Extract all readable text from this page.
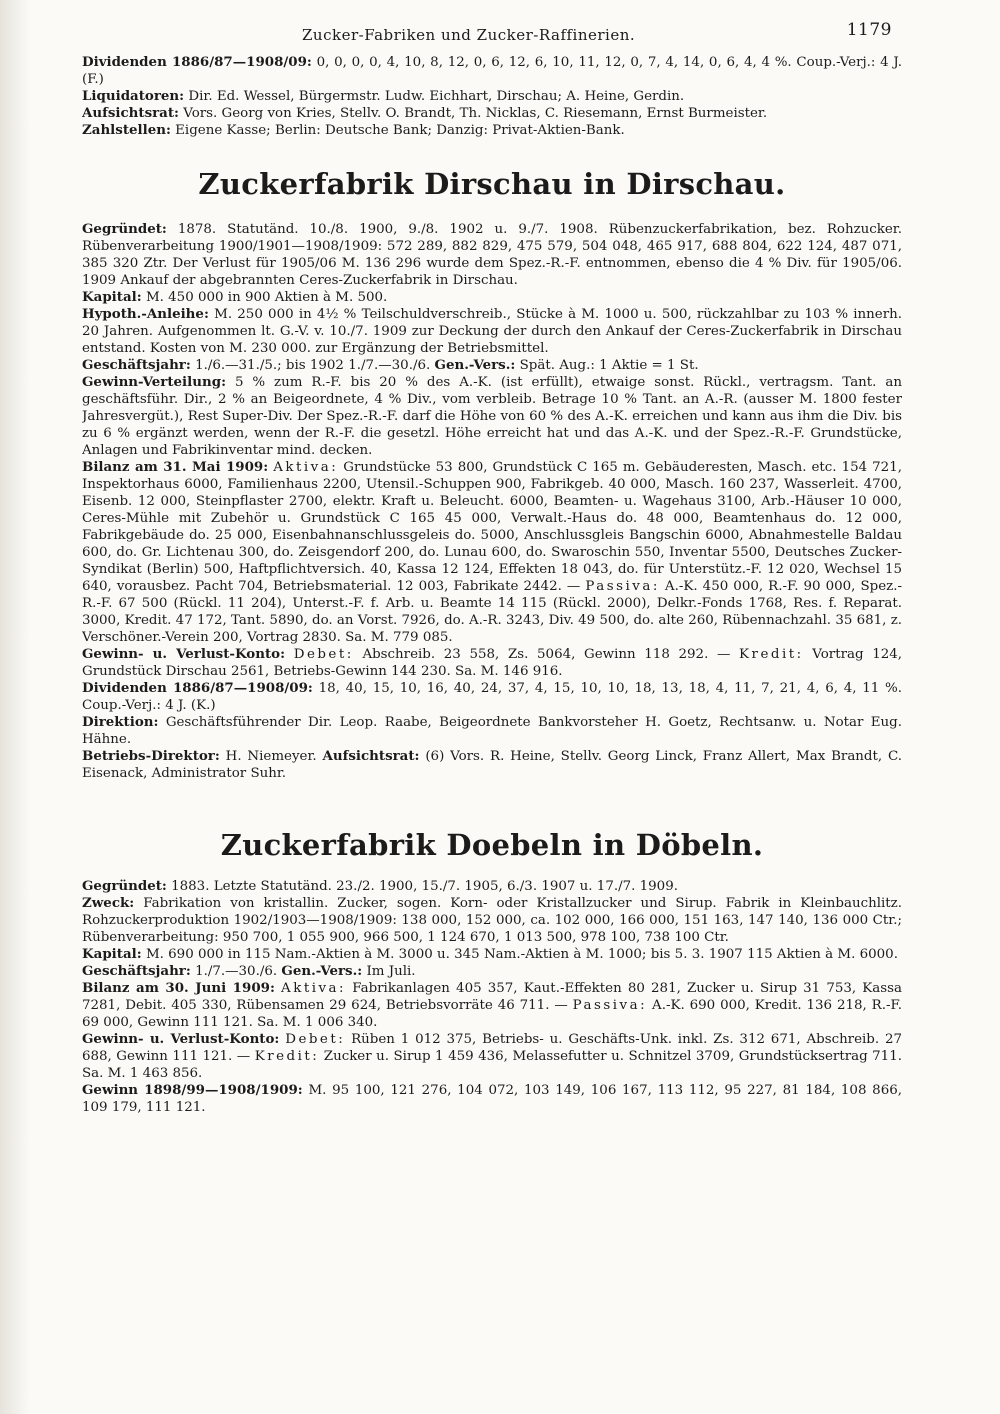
Zucker-Fabriken und Zucker-Raffinerien.	1179

Dividenden 1886/87—1908/09: 0, 0, 0, 0, 4, 10, 8, 12, 0, 6, 12, 6, 10, 11, 12, 0, 7, 4, 14, 0, 6, 4, 4 %. Coup.-Verj.: 4 J. (F.)

Liquidatoren: Dir. Ed. Wessel, Bürgermstr. Ludw. Eichhart, Dirschau; A. Heine, Gerdin.

Aufsichtsrat: Vors. Georg von Kries, Stellv. O. Brandt, Th. Nicklas, C. Riesemann, Ernst Burmeister.

Zahlstellen: Eigene Kasse; Berlin: Deutsche Bank; Danzig: Privat-Aktien-Bank.

Zuckerfabrik Dirschau in Dirschau.

Gegründet: 1878. Statutänd. 10./8. 1900, 9./8. 1902 u. 9./7. 1908. Rübenzuckerfabrikation, bez. Rohzucker. Rübenverarbeitung 1900/1901—1908/1909: 572 289, 882 829, 475 579, 504 048, 465 917, 688 804, 622 124, 487 071, 385 320 Ztr. Der Verlust für 1905/06 M. 136 296 wurde dem Spez.-R.-F. entnommen, ebenso die 4 % Div. für 1905/06. 1909 Ankauf der abgebrannten Ceres-Zuckerfabrik in Dirschau.

Kapital: M. 450 000 in 900 Aktien à M. 500.

Hypoth.-Anleihe: M. 250 000 in 4½ % Teilschuldverschreib., Stücke à M. 1000 u. 500, rückzahlbar zu 103 % innerh. 20 Jahren. Aufgenommen lt. G.-V. v. 10./7. 1909 zur Deckung der durch den Ankauf der Ceres-Zuckerfabrik in Dirschau entstand. Kosten von M. 230 000. zur Ergänzung der Betriebsmittel.

Geschäftsjahr: 1./6.—31./5.; bis 1902 1./7.—30./6. Gen.-Vers.: Spät. Aug.: 1 Aktie = 1 St.

Gewinn-Verteilung: 5 % zum R.-F. bis 20 % des A.-K. (ist erfüllt), etwaige sonst. Rückl., vertragsm. Tant. an geschäftsführ. Dir., 2 % an Beigeordnete, 4 % Div., vom verbleib. Betrage 10 % Tant. an A.-R. (ausser M. 1800 fester Jahresvergüt.), Rest Super-Div. Der Spez.-R.-F. darf die Höhe von 60 % des A.-K. erreichen und kann aus ihm die Div. bis zu 6 % ergänzt werden, wenn der R.-F. die gesetzl. Höhe erreicht hat und das A.-K. und der Spez.-R.-F. Grundstücke, Anlagen und Fabrikinventar mind. decken.

Bilanz am 31. Mai 1909: Aktiva: Grundstücke 53 800, Grundstück C 165 m. Gebäuderesten, Masch. etc. 154 721, Inspektorhaus 6000, Familienhaus 2200, Utensil.-Schuppen 900, Fabrikgeb. 40 000, Masch. 160 237, Wasserleit. 4700, Eisenb. 12 000, Steinpflaster 2700, elektr. Kraft u. Beleucht. 6000, Beamten- u. Wagehaus 3100, Arb.-Häuser 10 000, Ceres-Mühle mit Zubehör u. Grundstück C 165 45 000, Verwalt.-Haus do. 48 000, Beamtenhaus do. 12 000, Fabrikgebäude do. 25 000, Eisenbahnanschlussgeleis do. 5000, Anschlussgleis Bangschin 6000, Abnahmestelle Baldau 600, do. Gr. Lichtenau 300, do. Zeisgendorf 200, do. Lunau 600, do. Swaroschin 550, Inventar 5500, Deutsches Zucker-Syndikat (Berlin) 500, Haftpflichtversich. 40, Kassa 12 124, Effekten 18 043, do. für Unterstütz.-F. 12 020, Wechsel 15 640, vorausbez. Pacht 704, Betriebsmaterial. 12 003, Fabrikate 2442. — Passiva: A.-K. 450 000, R.-F. 90 000, Spez.-R.-F. 67 500 (Rückl. 11 204), Unterst.-F. f. Arb. u. Beamte 14 115 (Rückl. 2000), Delkr.-Fonds 1768, Res. f. Reparat. 3000, Kredit. 47 172, Tant. 5890, do. an Vorst. 7926, do. A.-R. 3243, Div. 49 500, do. alte 260, Rübennachzahl. 35 681, z. Verschöner.-Verein 200, Vortrag 2830. Sa. M. 779 085.

Gewinn- u. Verlust-Konto: Debet: Abschreib. 23 558, Zs. 5064, Gewinn 118 292. — Kredit: Vortrag 124, Grundstück Dirschau 2561, Betriebs-Gewinn 144 230. Sa. M. 146 916.

Dividenden 1886/87—1908/09: 18, 40, 15, 10, 16, 40, 24, 37, 4, 15, 10, 10, 18, 13, 18, 4, 11, 7, 21, 4, 6, 4, 11 %. Coup.-Verj.: 4 J. (K.)

Direktion: Geschäftsführender Dir. Leop. Raabe, Beigeordnete Bankvorsteher H. Goetz, Rechtsanw. u. Notar Eug. Hähne.

Betriebs-Direktor: H. Niemeyer. Aufsichtsrat: (6) Vors. R. Heine, Stellv. Georg Linck, Franz Allert, Max Brandt, C. Eisenack, Administrator Suhr.

Zuckerfabrik Doebeln in Döbeln.

Gegründet: 1883. Letzte Statutänd. 23./2. 1900, 15./7. 1905, 6./3. 1907 u. 17./7. 1909.

Zweck: Fabrikation von kristallin. Zucker, sogen. Korn- oder Kristallzucker und Sirup. Fabrik in Kleinbauchlitz. Rohzuckerproduktion 1902/1903—1908/1909: 138 000, 152 000, ca. 102 000, 166 000, 151 163, 147 140, 136 000 Ctr.; Rübenverarbeitung: 950 700, 1 055 900, 966 500, 1 124 670, 1 013 500, 978 100, 738 100 Ctr.

Kapital: M. 690 000 in 115 Nam.-Aktien à M. 3000 u. 345 Nam.-Aktien à M. 1000; bis 5. 3. 1907 115 Aktien à M. 6000.

Geschäftsjahr: 1./7.—30./6. Gen.-Vers.: Im Juli.

Bilanz am 30. Juni 1909: Aktiva: Fabrikanlagen 405 357, Kaut.-Effekten 80 281, Zucker u. Sirup 31 753, Kassa 7281, Debit. 405 330, Rübensamen 29 624, Betriebsvorräte 46 711. — Passiva: A.-K. 690 000, Kredit. 136 218, R.-F. 69 000, Gewinn 111 121. Sa. M. 1 006 340.

Gewinn- u. Verlust-Konto: Debet: Rüben 1 012 375, Betriebs- u. Geschäfts-Unk. inkl. Zs. 312 671, Abschreib. 27 688, Gewinn 111 121. — Kredit: Zucker u. Sirup 1 459 436, Melassefutter u. Schnitzel 3709, Grundstücksertrag 711. Sa. M. 1 463 856.

Gewinn 1898/99—1908/1909: M. 95 100, 121 276, 104 072, 103 149, 106 167, 113 112, 95 227, 81 184, 108 866, 109 179, 111 121.
